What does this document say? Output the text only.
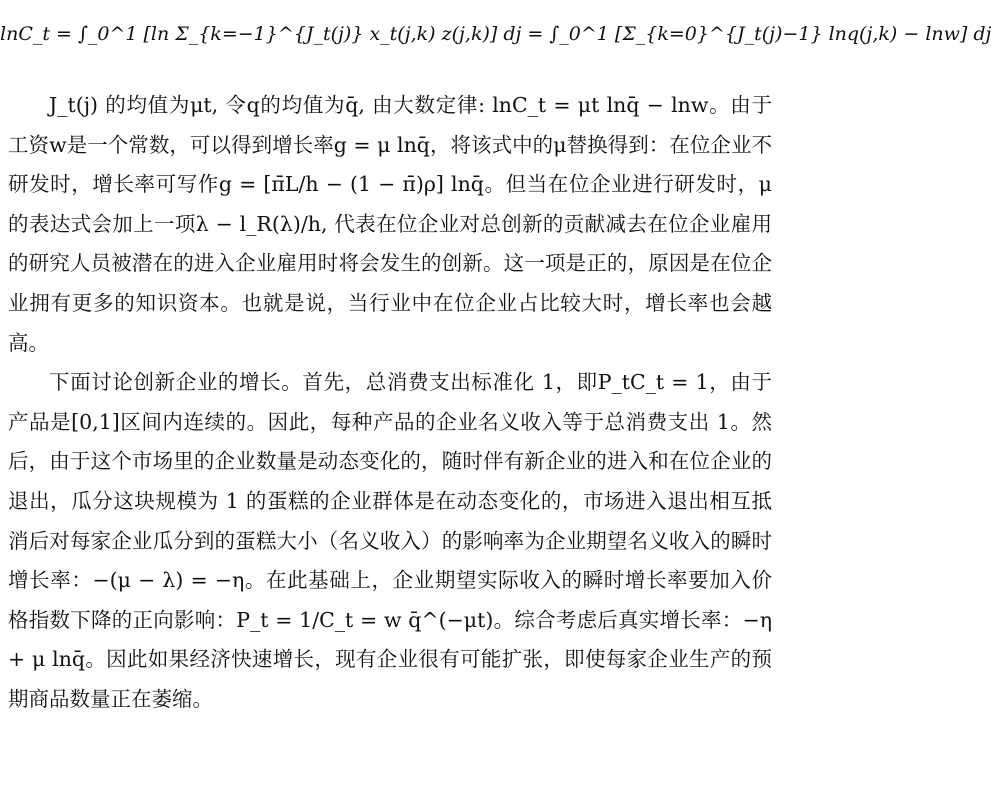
lnC_t = ∫_0^1 [ln Σ_{k=−1}^{J_t(j)} x_t(j,k) z(j,k)] dj = ∫_0^1 [Σ_{k=0}^{J_t(j)−1} lnq(j,k) − lnw] dj

J_t(j) 的均值为μt, 令q的均值为q̄, 由大数定律: lnC_t = μt lnq̄ − lnw。由于工资w是一个常数，可以得到增长率g = μ lnq̄，将该式中的μ替换得到：在位企业不研发时，增长率可写作g = [π̄L/h − (1 − π̄)ρ] lnq̄。但当在位企业进行研发时，μ的表达式会加上一项λ − l_R(λ)/h, 代表在位企业对总创新的贡献减去在位企业雇用的研究人员被潜在的进入企业雇用时将会发生的创新。这一项是正的，原因是在位企业拥有更多的知识资本。也就是说，当行业中在位企业占比较大时，增长率也会越高。

下面讨论创新企业的增长。首先，总消费支出标准化 1，即P_tC_t = 1，由于产品是[0,1]区间内连续的。因此，每种产品的企业名义收入等于总消费支出 1。然后，由于这个市场里的企业数量是动态变化的，随时伴有新企业的进入和在位企业的退出，瓜分这块规模为 1 的蛋糕的企业群体是在动态变化的，市场进入退出相互抵消后对每家企业瓜分到的蛋糕大小（名义收入）的影响率为企业期望名义收入的瞬时增长率：−(μ − λ) = −η。在此基础上，企业期望实际收入的瞬时增长率要加入价格指数下降的正向影响：P_t = 1/C_t = w q̄^(−μt)。综合考虑后真实增长率：−η + μ lnq̄。因此如果经济快速增长，现有企业很有可能扩张，即使每家企业生产的预期商品数量正在萎缩。
